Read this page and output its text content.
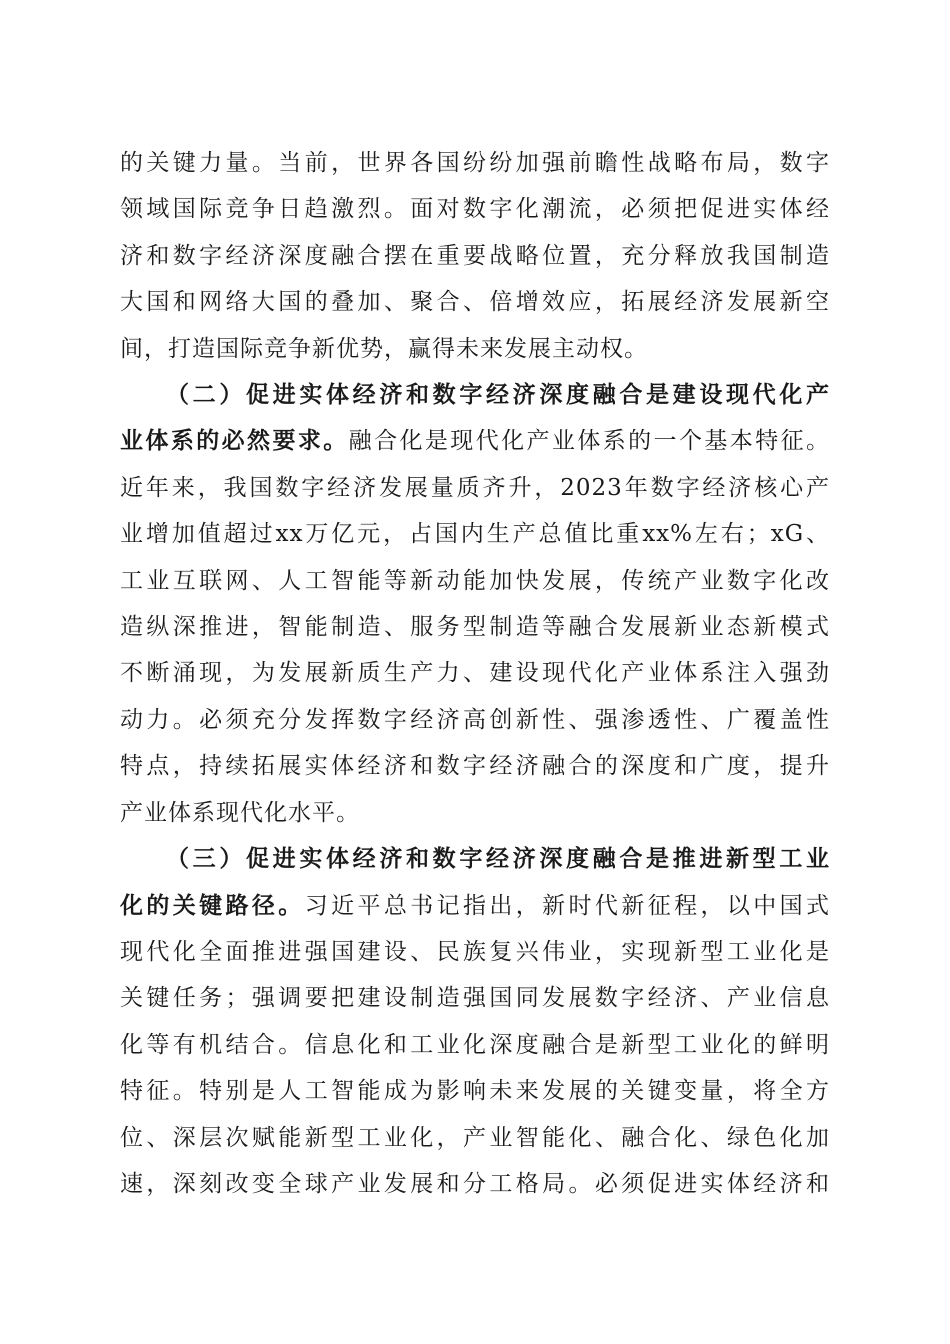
的关键力量。当前，世界各国纷纷加强前瞻性战略布局，数字
领域国际竞争日趋激烈。面对数字化潮流，必须把促进实体经
济和数字经济深度融合摆在重要战略位置，充分释放我国制造
大国和网络大国的叠加、聚合、倍增效应，拓展经济发展新空
间，打造国际竞争新优势，赢得未来发展主动权。
（二）促进实体经济和数字经济深度融合是建设现代化产
业体系的必然要求。融合化是现代化产业体系的一个基本特征。
近年来，我国数字经济发展量质齐升，2023年数字经济核心产
业增加值超过xx万亿元，占国内生产总值比重xx%左右；xG、
工业互联网、人工智能等新动能加快发展，传统产业数字化改
造纵深推进，智能制造、服务型制造等融合发展新业态新模式
不断涌现，为发展新质生产力、建设现代化产业体系注入强劲
动力。必须充分发挥数字经济高创新性、强渗透性、广覆盖性
特点，持续拓展实体经济和数字经济融合的深度和广度，提升
产业体系现代化水平。
（三）促进实体经济和数字经济深度融合是推进新型工业
化的关键路径。习近平总书记指出，新时代新征程，以中国式
现代化全面推进强国建设、民族复兴伟业，实现新型工业化是
关键任务；强调要把建设制造强国同发展数字经济、产业信息
化等有机结合。信息化和工业化深度融合是新型工业化的鲜明
特征。特别是人工智能成为影响未来发展的关键变量，将全方
位、深层次赋能新型工业化，产业智能化、融合化、绿色化加
速，深刻改变全球产业发展和分工格局。必须促进实体经济和
